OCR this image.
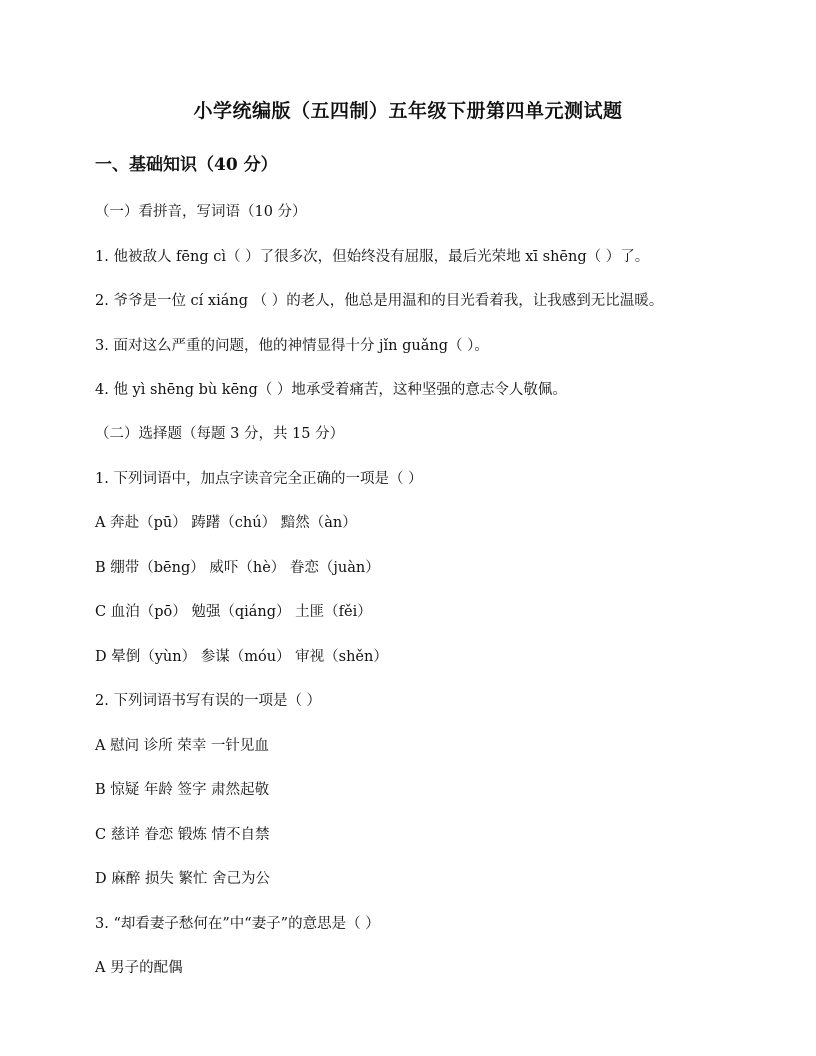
小学统编版（五四制）五年级下册第四单元测试题
一、基础知识（40 分）
（一）看拼音，写词语（10 分）
1. 他被敌人 fēng cì（ ）了很多次，但始终没有屈服，最后光荣地 xī shēng（ ）了。
2. 爷爷是一位 cí xiáng （ ）的老人，他总是用温和的目光看着我，让我感到无比温暖。
3. 面对这么严重的问题，他的神情显得十分 jǐn guǎng（ ）。
4. 他 yì shēng bù kēng（ ）地承受着痛苦，这种坚强的意志令人敬佩。
（二）选择题（每题 3 分，共 15 分）
1. 下列词语中，加点字读音完全正确的一项是（ ）
A 奔赴（pū） 踌躇（chú） 黯然（àn）
B 绷带（bēng） 威吓（hè） 眷恋（juàn）
C 血泊（pō） 勉强（qiáng） 土匪（fěi）
D 晕倒（yùn） 参谋（móu） 审视（shěn）
2. 下列词语书写有误的一项是（ ）
A 慰问 诊所 荣幸 一针见血
B 惊疑 年龄 签字 肃然起敬
C 慈详 眷恋 锻炼 情不自禁
D 麻醉 损失 繁忙 舍己为公
3. “却看妻子愁何在”中“妻子”的意思是（ ）
A 男子的配偶
